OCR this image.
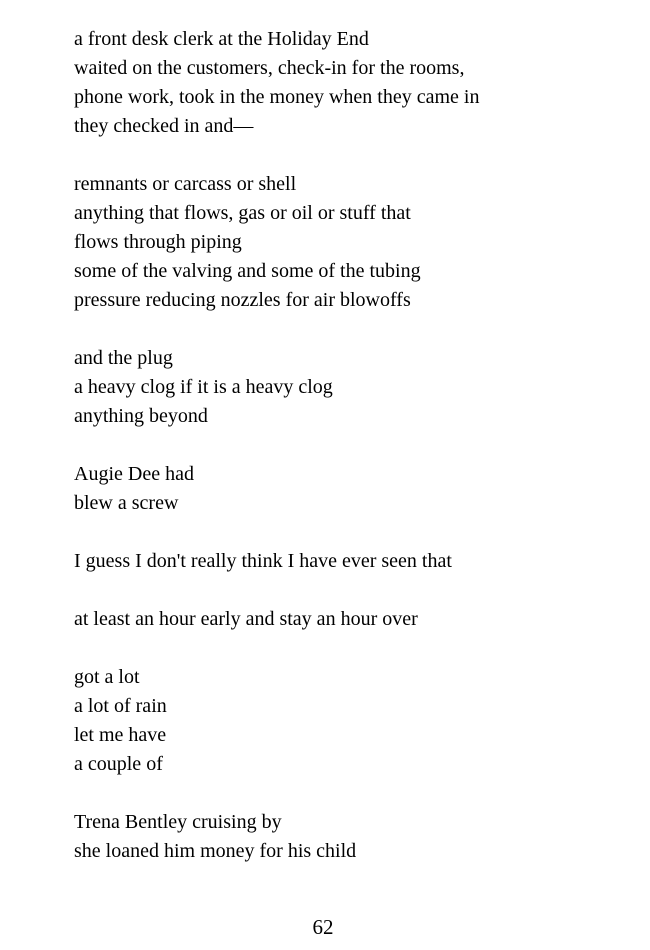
a front desk clerk at the Holiday End
waited on the customers, check-in for the rooms,
phone work, took in the money when they came in
they checked in and—
remnants or carcass or shell
anything that flows, gas or oil or stuff that
flows through piping
some of the valving and some of the tubing
pressure reducing nozzles for air blowoffs
and the plug
a heavy clog if it is a heavy clog
anything beyond
Augie Dee had
blew a screw
I guess I don't really think I have ever seen that
at least an hour early and stay an hour over
got a lot
a lot of rain
let me have
a couple of
Trena Bentley cruising by
she loaned him money for his child
62
